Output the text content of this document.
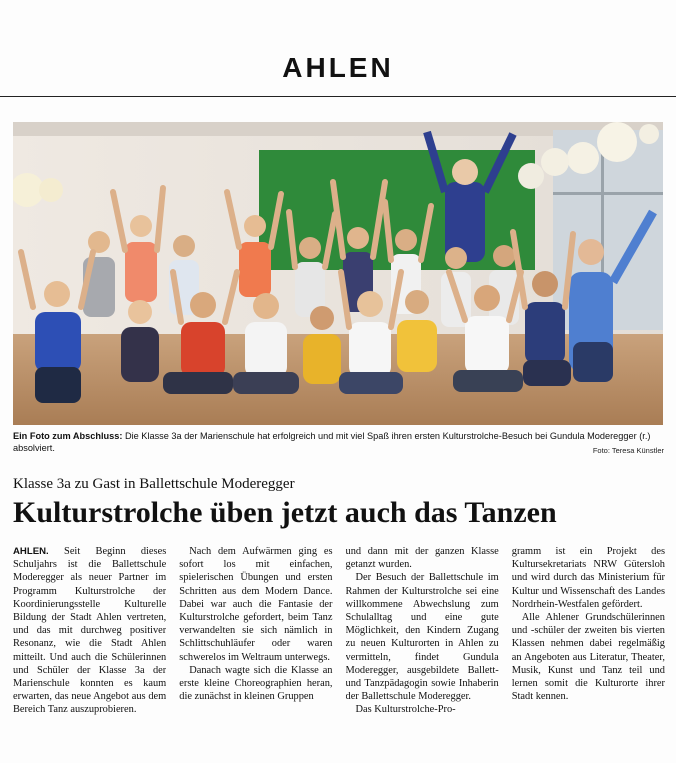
AHLEN
Ein Foto zum Abschluss: Die Klasse 3a der Marienschule hat erfolgreich und mit viel Spaß ihren ersten Kulturstrolche-Besuch bei Gundula Moderegger (r.) absolviert.	Foto: Teresa Künstler
Klasse 3a zu Gast in Ballettschule Moderegger
Kulturstrolche üben jetzt auch das Tanzen

AHLEN. Seit Beginn dieses Schuljahrs ist die Ballettschule Moderegger als neuer Partner im Programm Kulturstrolche der Koordinierungsstelle Kulturelle Bildung der Stadt Ahlen vertreten, und das mit durchweg positiver Resonanz, wie die Stadt Ahlen mitteilt. Und auch die Schülerinnen und Schüler der Klasse 3a der Marienschule konnten es kaum erwarten, das neue Angebot aus dem Bereich Tanz auszuprobieren.

Nach dem Aufwärmen ging es sofort los mit einfachen, spielerischen Übungen und ersten Schritten aus dem Modern Dance. Dabei war auch die Fantasie der Kulturstrolche gefordert, beim Tanz verwandelten sie sich nämlich in Schlittschuhläufer oder waren schwerelos im Weltraum unterwegs.

Danach wagte sich die Klasse an erste kleine Choreographien heran, die zunächst in kleinen Gruppen

und dann mit der ganzen Klasse getanzt wurden.

Der Besuch der Ballettschule im Rahmen der Kulturstrolche sei eine willkommene Abwechslung zum Schulalltag und eine gute Möglichkeit, den Kindern Zugang zu neuen Kulturorten in Ahlen zu vermitteln, findet Gundula Moderegger, ausgebildete Ballett- und Tanzpädagogin sowie Inhaberin der Ballettschule Moderegger.

Das Kulturstrolche-Pro-

gramm ist ein Projekt des Kultursekretariats NRW Gütersloh und wird durch das Ministerium für Kultur und Wissenschaft des Landes Nordrhein-Westfalen gefördert.

Alle Ahlener Grundschülerinnen und -schüler der zweiten bis vierten Klassen nehmen dabei regelmäßig an Angeboten aus Literatur, Theater, Musik, Kunst und Tanz teil und lernen somit die Kulturorte ihrer Stadt kennen.
